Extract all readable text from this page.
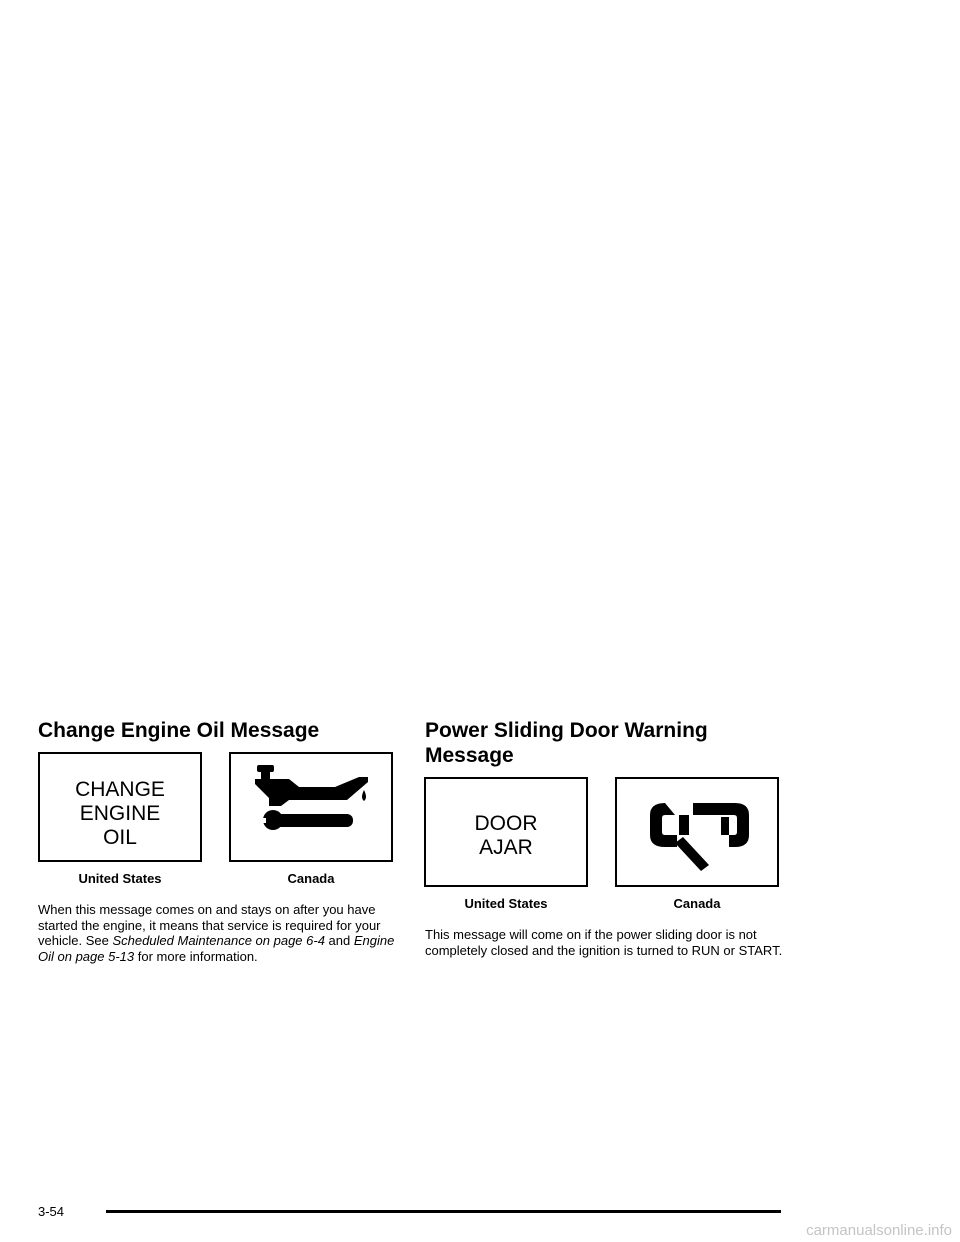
Change Engine Oil Message
CHANGE
ENGINE
OIL
United States	Canada

When this message comes on and stays on after you have started the engine, it means that service is required for your vehicle. See Scheduled Maintenance on page 6-4 and Engine Oil on page 5-13 for more information.

Power Sliding Door Warning Message
DOOR
AJAR
United States	Canada

This message will come on if the power sliding door is not completely closed and the ignition is turned to RUN or START.

3-54
carmanualsonline.info
